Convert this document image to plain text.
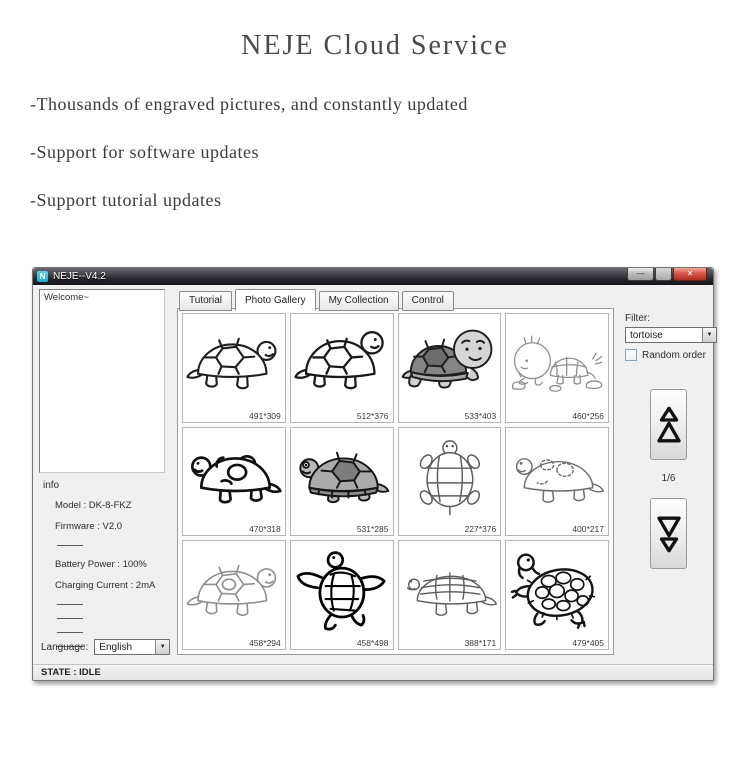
NEJE Cloud Service

-Thousands of engraved pictures, and constantly updated

-Support for software updates

-Support tutorial updates

N NEJE--V4.2	—	✕
Welcome~
info
Model : DK-8-FKZ
Firmware : V2.0
Battery Power : 100%
Charging Current : 2mA
Language:	English	▼
Tutorial	Photo Gallery	My Collection	Control
491*309	512*376	533*403	460*256
470*318	531*285	227*376	400*217
458*294	458*498	388*171	479*405
Filter:
tortoise	▼
Random order
1/6
STATE : IDLE
